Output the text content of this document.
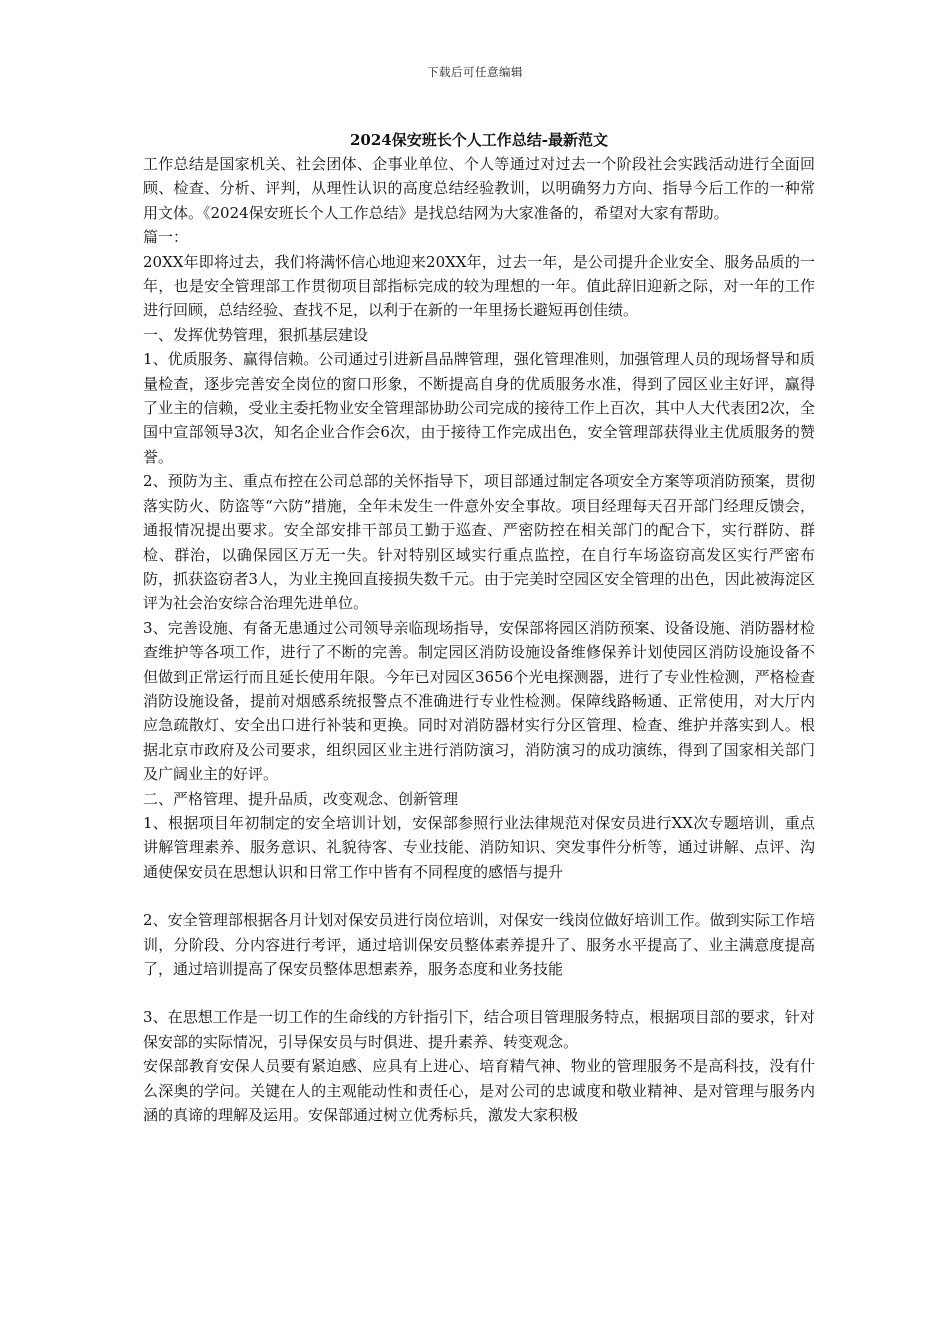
下载后可任意编辑
2024保安班长个人工作总结-最新范文

工作总结是国家机关、社会团体、企事业单位、个人等通过对过去一个阶段社会实践活动进行全面回顾、检查、分析、评判，从理性认识的高度总结经验教训，以明确努力方向、指导今后工作的一种常用文体。《2024保安班长个人工作总结》是找总结网为大家准备的，希望对大家有帮助。

篇一：

20XX年即将过去，我们将满怀信心地迎来20XX年，过去一年，是公司提升企业安全、服务品质的一年，也是安全管理部工作贯彻项目部指标完成的较为理想的一年。值此辞旧迎新之际，对一年的工作进行回顾，总结经验、查找不足，以利于在新的一年里扬长避短再创佳绩。

一、发挥优势管理，狠抓基层建设

1、优质服务、赢得信赖。公司通过引进新昌品牌管理，强化管理准则，加强管理人员的现场督导和质量检查，逐步完善安全岗位的窗口形象，不断提高自身的优质服务水准，得到了园区业主好评，赢得了业主的信赖，受业主委托物业安全管理部协助公司完成的接待工作上百次，其中人大代表团2次，全国中宣部领导3次，知名企业合作会6次，由于接待工作完成出色，安全管理部获得业主优质服务的赞誉。

2、预防为主、重点布控在公司总部的关怀指导下，项目部通过制定各项安全方案等项消防预案，贯彻落实防火、防盗等“六防”措施，全年未发生一件意外安全事故。项目经理每天召开部门经理反馈会，通报情况提出要求。安全部安排干部员工勤于巡查、严密防控在相关部门的配合下，实行群防、群检、群治，以确保园区万无一失。针对特别区域实行重点监控，在自行车场盗窃高发区实行严密布防，抓获盗窃者3人，为业主挽回直接损失数千元。由于完美时空园区安全管理的出色，因此被海淀区评为社会治安综合治理先进单位。

3、完善设施、有备无患通过公司领导亲临现场指导，安保部将园区消防预案、设备设施、消防器材检查维护等各项工作，进行了不断的完善。制定园区消防设施设备维修保养计划使园区消防设施设备不但做到正常运行而且延长使用年限。今年已对园区3656个光电探测器，进行了专业性检测，严格检查消防设施设备，提前对烟感系统报警点不准确进行专业性检测。保障线路畅通、正常使用，对大厅内应急疏散灯、安全出口进行补装和更换。同时对消防器材实行分区管理、检查、维护并落实到人。根据北京市政府及公司要求，组织园区业主进行消防演习，消防演习的成功演练，得到了国家相关部门及广阔业主的好评。

二、严格管理、提升品质，改变观念、创新管理

1、根据项目年初制定的安全培训计划，安保部参照行业法律规范对保安员进行XX次专题培训，重点讲解管理素养、服务意识、礼貌待客、专业技能、消防知识、突发事件分析等，通过讲解、点评、沟通使保安员在思想认识和日常工作中皆有不同程度的感悟与提升

2、安全管理部根据各月计划对保安员进行岗位培训，对保安一线岗位做好培训工作。做到实际工作培训，分阶段、分内容进行考评，通过培训保安员整体素养提升了、服务水平提高了、业主满意度提高了，通过培训提高了保安员整体思想素养，服务态度和业务技能

3、在思想工作是一切工作的生命线的方针指引下，结合项目管理服务特点，根据项目部的要求，针对保安部的实际情况，引导保安员与时俱进、提升素养、转变观念。

安保部教育安保人员要有紧迫感、应具有上进心、培育精气神、物业的管理服务不是高科技，没有什么深奥的学问。关键在人的主观能动性和责任心，是对公司的忠诚度和敬业精神、是对管理与服务内涵的真谛的理解及运用。安保部通过树立优秀标兵，激发大家积极
